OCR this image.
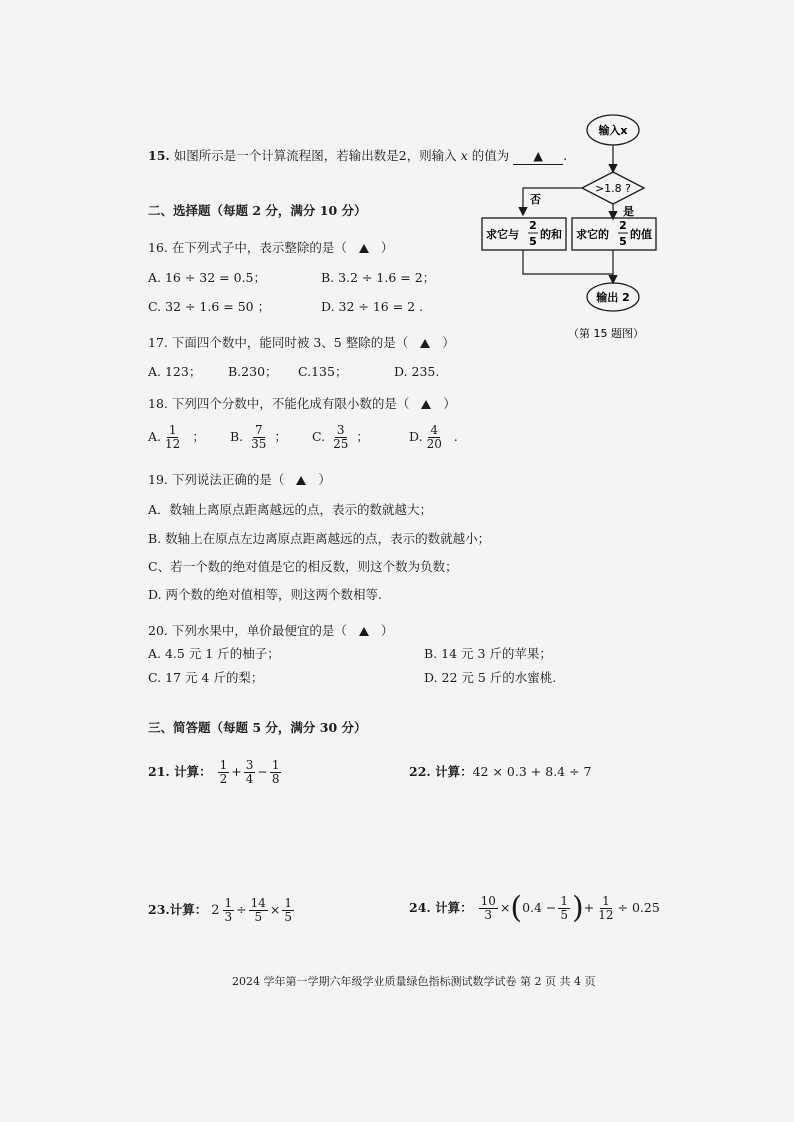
15. 如图所示是一个计算流程图，若输出数是2，则输入 x 的值为 ▲ .
输入x
>1.8 ?
否
是
求它与
2
5
的和 求它的
2
5
的值
输出 2
（第 15 题图）
二、选择题（每题 2 分，满分 10 分）
16. 在下列式子中，表示整除的是（	）
A. 16 ÷ 32 = 0.5；	B. 3.2 ÷ 1.6 = 2；
C. 32 ÷ 1.6 = 50 ；	D. 32 ÷ 16 = 2 .
17. 下面四个数中，能同时被 3、5 整除的是（	）
A. 123； B.230； C.135；	D. 235.
18. 下列四个分数中，不能化成有限小数的是（	）
A. $\frac{1}{12}$ ； B. $\frac{7}{35}$ ； C. $\frac{3}{25}$ ；	D. $\frac{4}{20}$ .
19. 下列说法正确的是（	）
A．数轴上离原点距离越远的点，表示的数就越大；
B. 数轴上在原点左边离原点距离越远的点，表示的数就越小；
C、若一个数的绝对值是它的相反数，则这个数为负数；
D. 两个数的绝对值相等，则这两个数相等.
20. 下列水果中，单价最便宜的是（	）
A. 4.5 元 1 斤的柚子；	B. 14 元 3 斤的苹果；
C. 17 元 4 斤的梨；	D. 22 元 5 斤的水蜜桃.
三、简答题（每题 5 分，满分 30 分）
21. 计算： $\frac{1}{2} + \frac{3}{4} - \frac{1}{8}$	22. 计算：42 × 0.3 + 8.4 ÷ 7
23.计算： $2 \frac{1}{3} \div \frac{14}{5} \times \frac{1}{5}$	24. 计算： $\frac{10}{3} \times(0.4 - \frac{1}{5}$ )+ $\frac{1}{12} \div 0.25$
2024 学年第一学期六年级学业质量绿色指标测试数学试卷 第 2 页 共 4 页
